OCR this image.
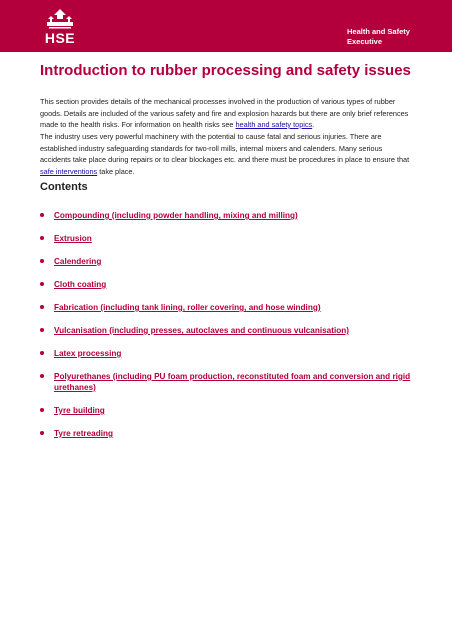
HSE	Health and Safety
Executive
Introduction to rubber processing and safety issues

This section provides details of the mechanical processes involved in the production of various types of rubber goods. Details are included of the various safety and fire and explosion hazards but there are only brief references made to the health risks. For information on health risks see health and safety topics.

The industry uses very powerful machinery with the potential to cause fatal and serious injuries. There are established industry safeguarding standards for two-roll mills, internal mixers and calenders. Many serious accidents take place during repairs or to clear blockages etc. and there must be procedures in place to ensure that safe interventions take place.

Contents
Compounding (including powder handling, mixing and milling)
Extrusion
Calendering
Cloth coating
Fabrication (including tank lining, roller covering, and hose winding)
Vulcanisation (including presses, autoclaves and continuous vulcanisation)
Latex processing
Polyurethanes (including PU foam production, reconstituted foam and conversion and rigid urethanes)
Tyre building
Tyre retreading
